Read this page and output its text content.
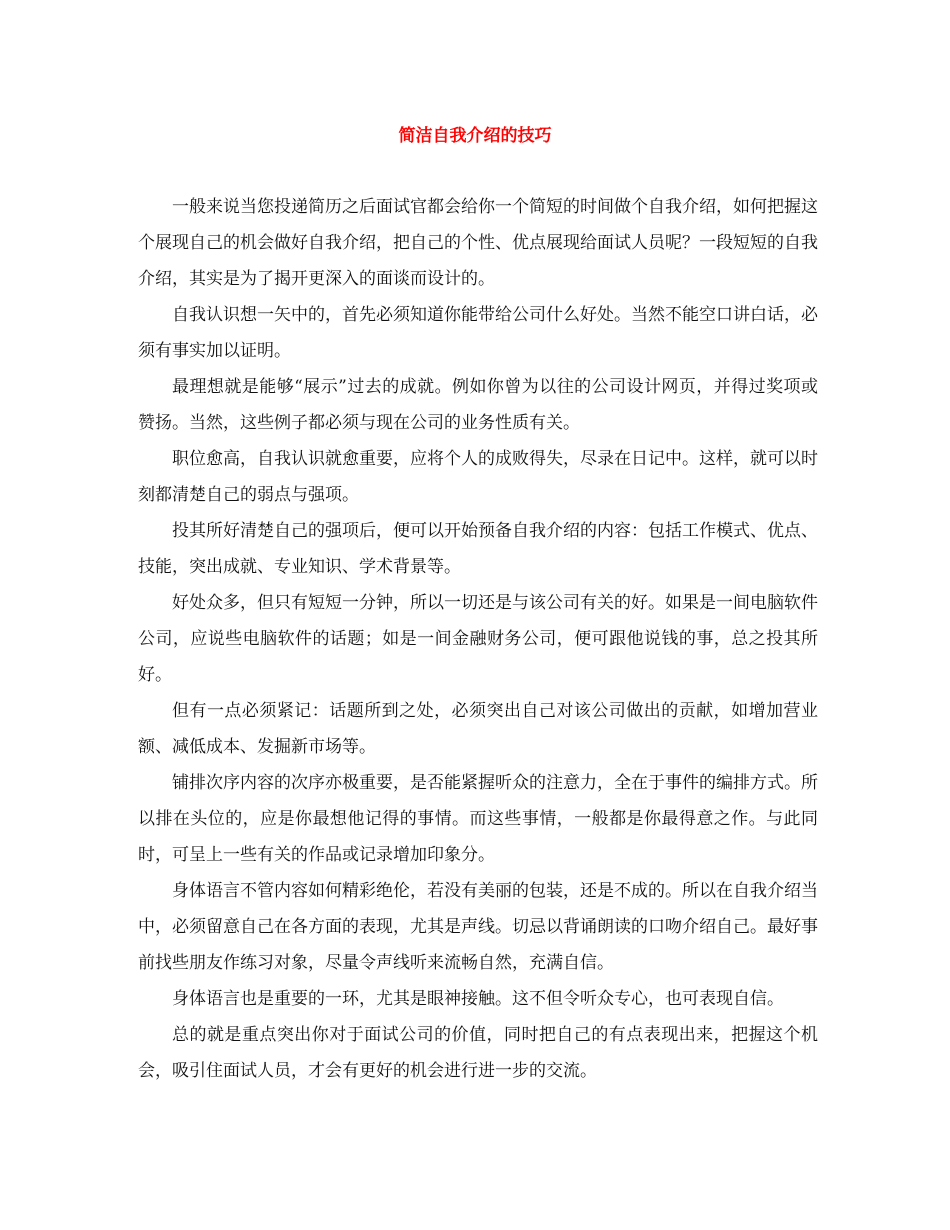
简洁自我介绍的技巧

一般来说当您投递简历之后面试官都会给你一个简短的时间做个自我介绍，如何把握这个展现自己的机会做好自我介绍，把自己的个性、优点展现给面试人员呢？一段短短的自我介绍，其实是为了揭开更深入的面谈而设计的。

自我认识想一矢中的，首先必须知道你能带给公司什么好处。当然不能空口讲白话，必须有事实加以证明。

最理想就是能够“展示”过去的成就。例如你曾为以往的公司设计网页，并得过奖项或赞扬。当然，这些例子都必须与现在公司的业务性质有关。

职位愈高，自我认识就愈重要，应将个人的成败得失，尽录在日记中。这样，就可以时刻都清楚自己的弱点与强项。

投其所好清楚自己的强项后，便可以开始预备自我介绍的内容：包括工作模式、优点、技能，突出成就、专业知识、学术背景等。

好处众多，但只有短短一分钟，所以一切还是与该公司有关的好。如果是一间电脑软件公司，应说些电脑软件的话题；如是一间金融财务公司，便可跟他说钱的事，总之投其所好。

但有一点必须紧记：话题所到之处，必须突出自己对该公司做出的贡献，如增加营业额、减低成本、发掘新市场等。

铺排次序内容的次序亦极重要，是否能紧握听众的注意力，全在于事件的编排方式。所以排在头位的，应是你最想他记得的事情。而这些事情，一般都是你最得意之作。与此同时，可呈上一些有关的作品或记录增加印象分。

身体语言不管内容如何精彩绝伦，若没有美丽的包装，还是不成的。所以在自我介绍当中，必须留意自己在各方面的表现，尤其是声线。切忌以背诵朗读的口吻介绍自己。最好事前找些朋友作练习对象，尽量令声线听来流畅自然，充满自信。

身体语言也是重要的一环，尤其是眼神接触。这不但令听众专心，也可表现自信。

总的就是重点突出你对于面试公司的价值，同时把自己的有点表现出来，把握这个机会，吸引住面试人员，才会有更好的机会进行进一步的交流。
